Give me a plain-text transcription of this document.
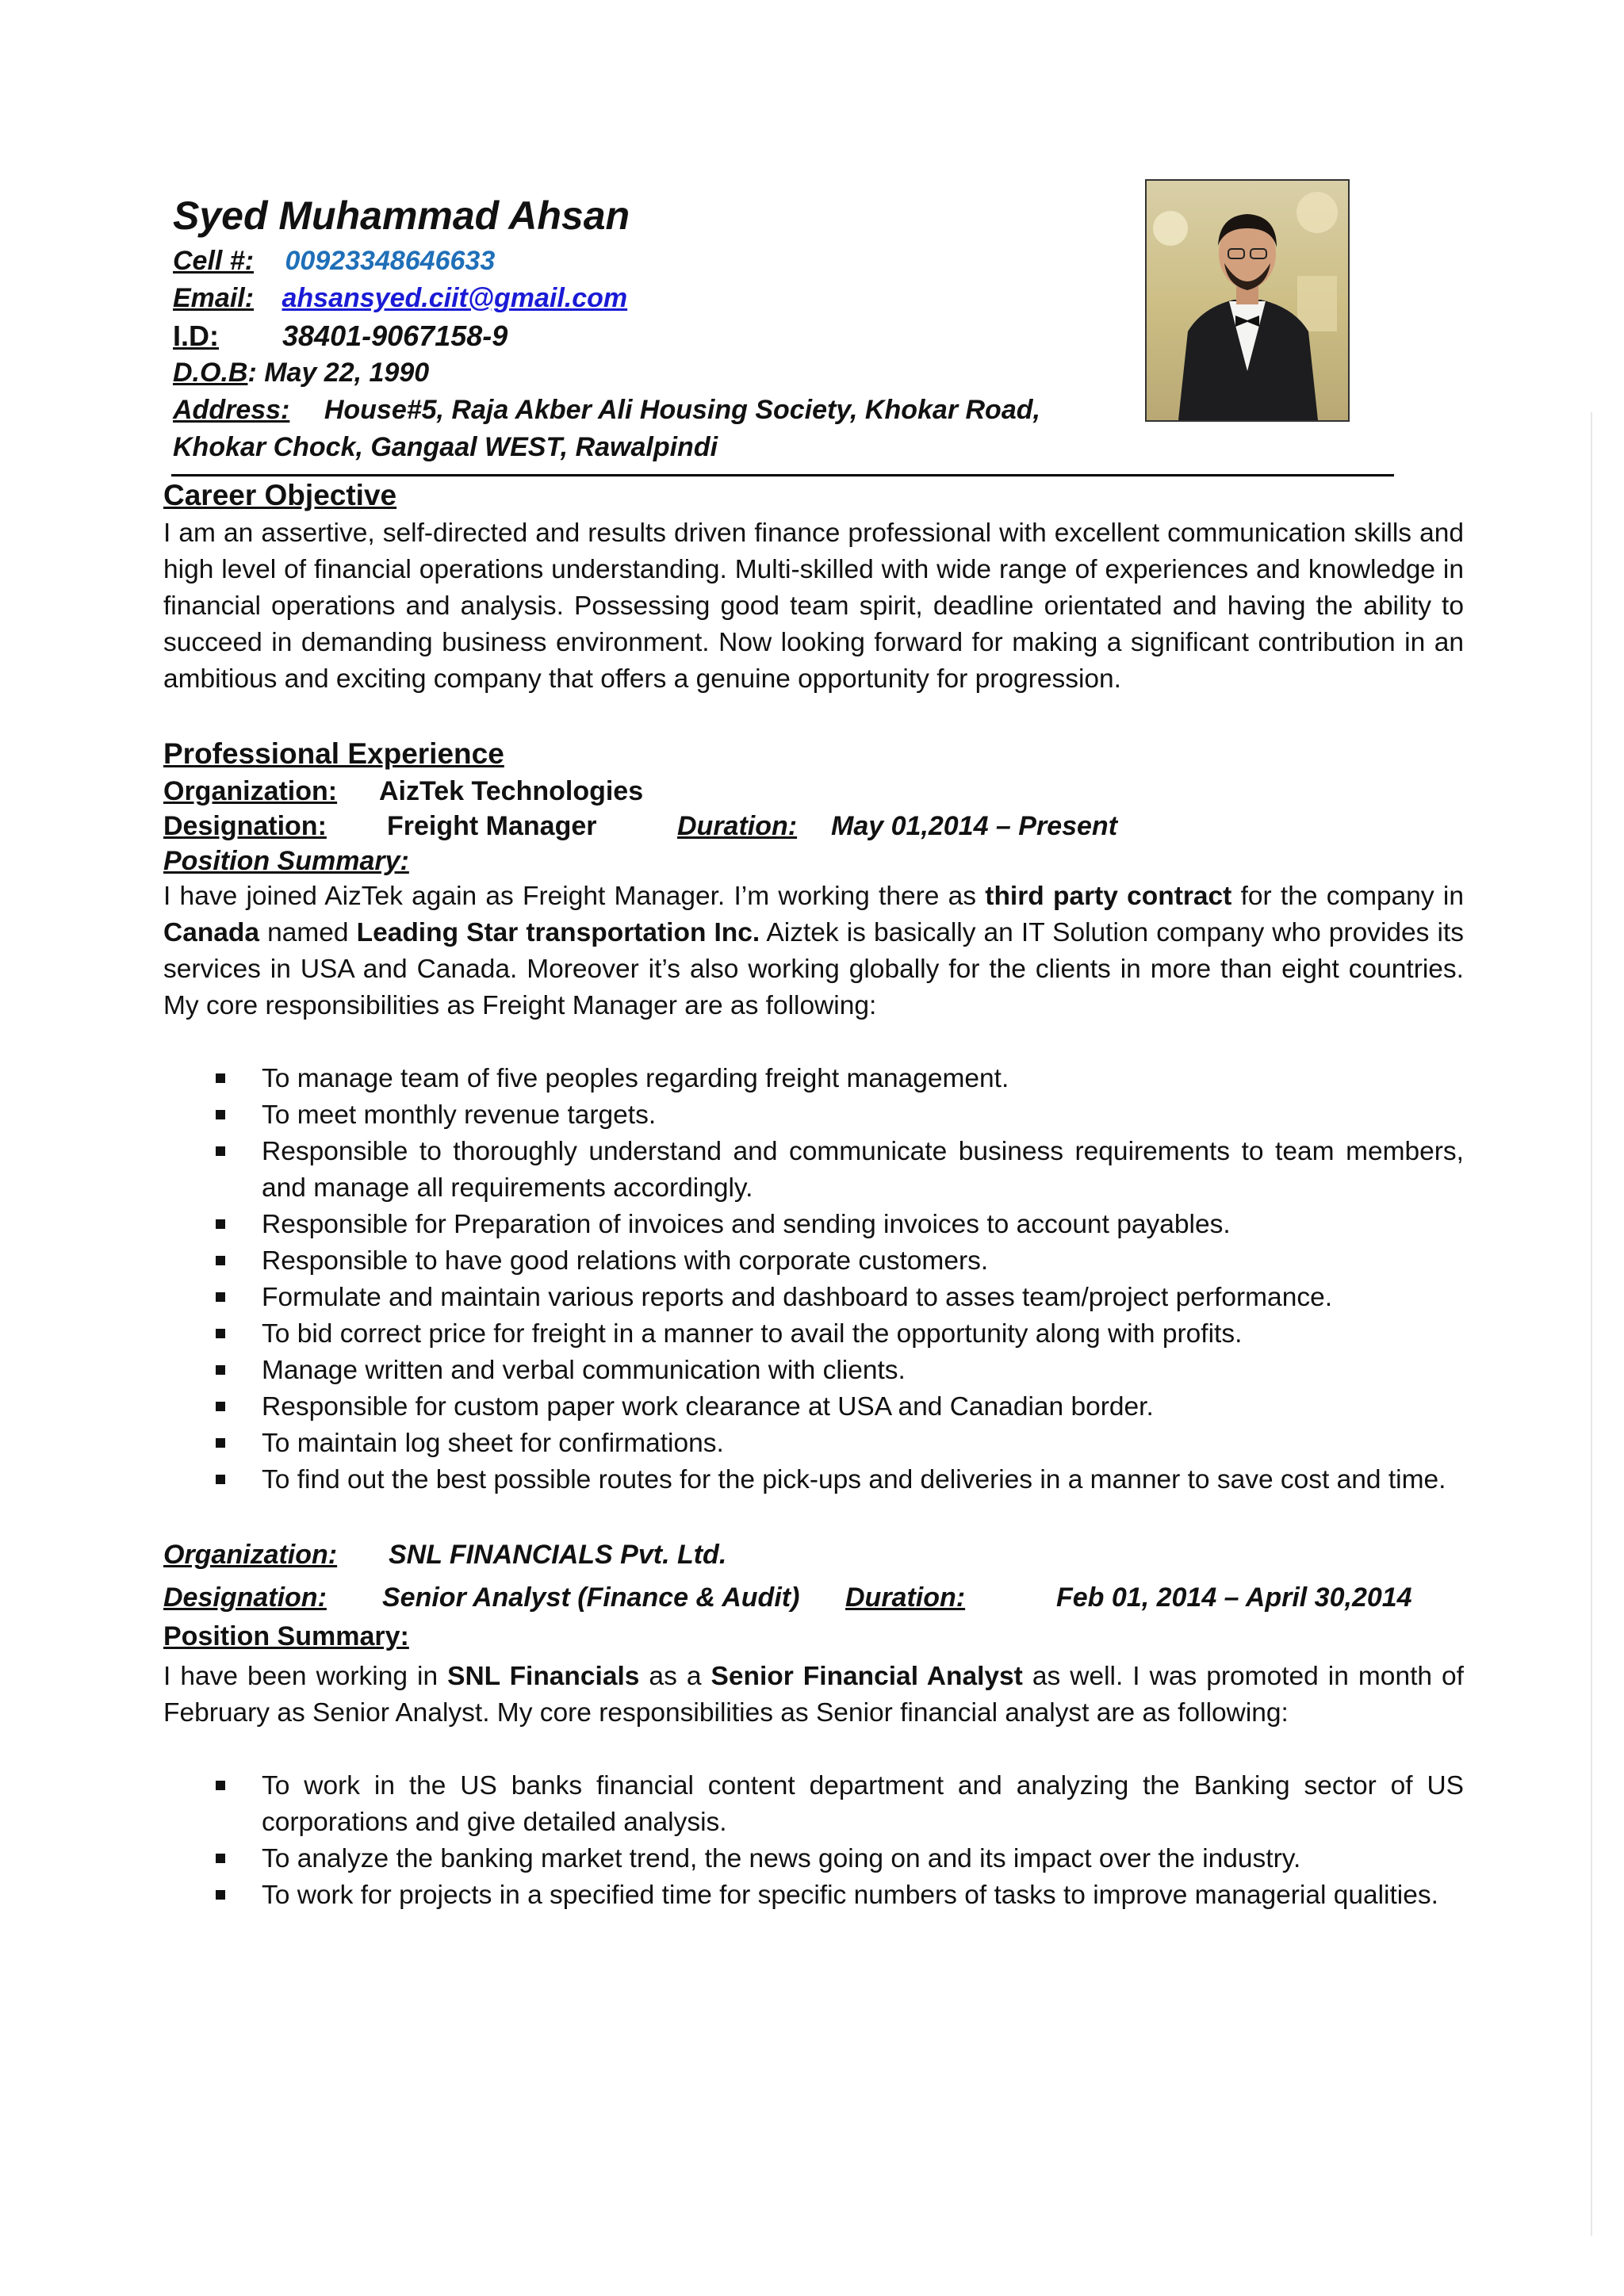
Syed Muhammad Ahsan
Cell #: 00923348646633
Email: ahsansyed.ciit@gmail.com
I.D: 38401-9067158-9
D.O.B: May 22, 1990
Address: House#5, Raja Akber Ali Housing Society, Khokar Road,
Khokar Chock, Gangaal WEST, Rawalpindi
Career Objective

I am an assertive, self-directed and results driven finance professional with excellent communication skills and high level of financial operations understanding. Multi-skilled with wide range of experiences and knowledge in financial operations and analysis. Possessing good team spirit, deadline orientated and having the ability to succeed in demanding business environment. Now looking forward for making a significant contribution in an ambitious and exciting company that offers a genuine opportunity for progression.

Professional Experience
Organization: AizTek Technologies
Designation: Freight Manager	Duration: May 01,2014 – Present
Position Summary:

I have joined AizTek again as Freight Manager. I’m working there as third party contract for the company in Canada named Leading Star transportation Inc. Aiztek is basically an IT Solution company who provides its services in USA and Canada. Moreover it’s also working globally for the clients in more than eight countries. My core responsibilities as Freight Manager are as following:

To manage team of five peoples regarding freight management.
To meet monthly revenue targets.
Responsible to thoroughly understand and communicate business requirements to team members, and manage all requirements accordingly.
Responsible for Preparation of invoices and sending invoices to account payables.
Responsible to have good relations with corporate customers.
Formulate and maintain various reports and dashboard to asses team/project performance.
To bid correct price for freight in a manner to avail the opportunity along with profits.
Manage written and verbal communication with clients.
Responsible for custom paper work clearance at USA and Canadian border.
To maintain log sheet for confirmations.
To find out the best possible routes for the pick-ups and deliveries in a manner to save cost and time.
Organization: SNL FINANCIALS Pvt. Ltd.
Designation: Senior Analyst (Finance & Audit) Duration:	Feb 01, 2014 – April 30,2014
Position Summary:

I have been working in SNL Financials as a Senior Financial Analyst as well. I was promoted in month of February as Senior Analyst. My core responsibilities as Senior financial analyst are as following:

To work in the US banks financial content department and analyzing the Banking sector of US corporations and give detailed analysis.
To analyze the banking market trend, the news going on and its impact over the industry.
To work for projects in a specified time for specific numbers of tasks to improve managerial qualities.
